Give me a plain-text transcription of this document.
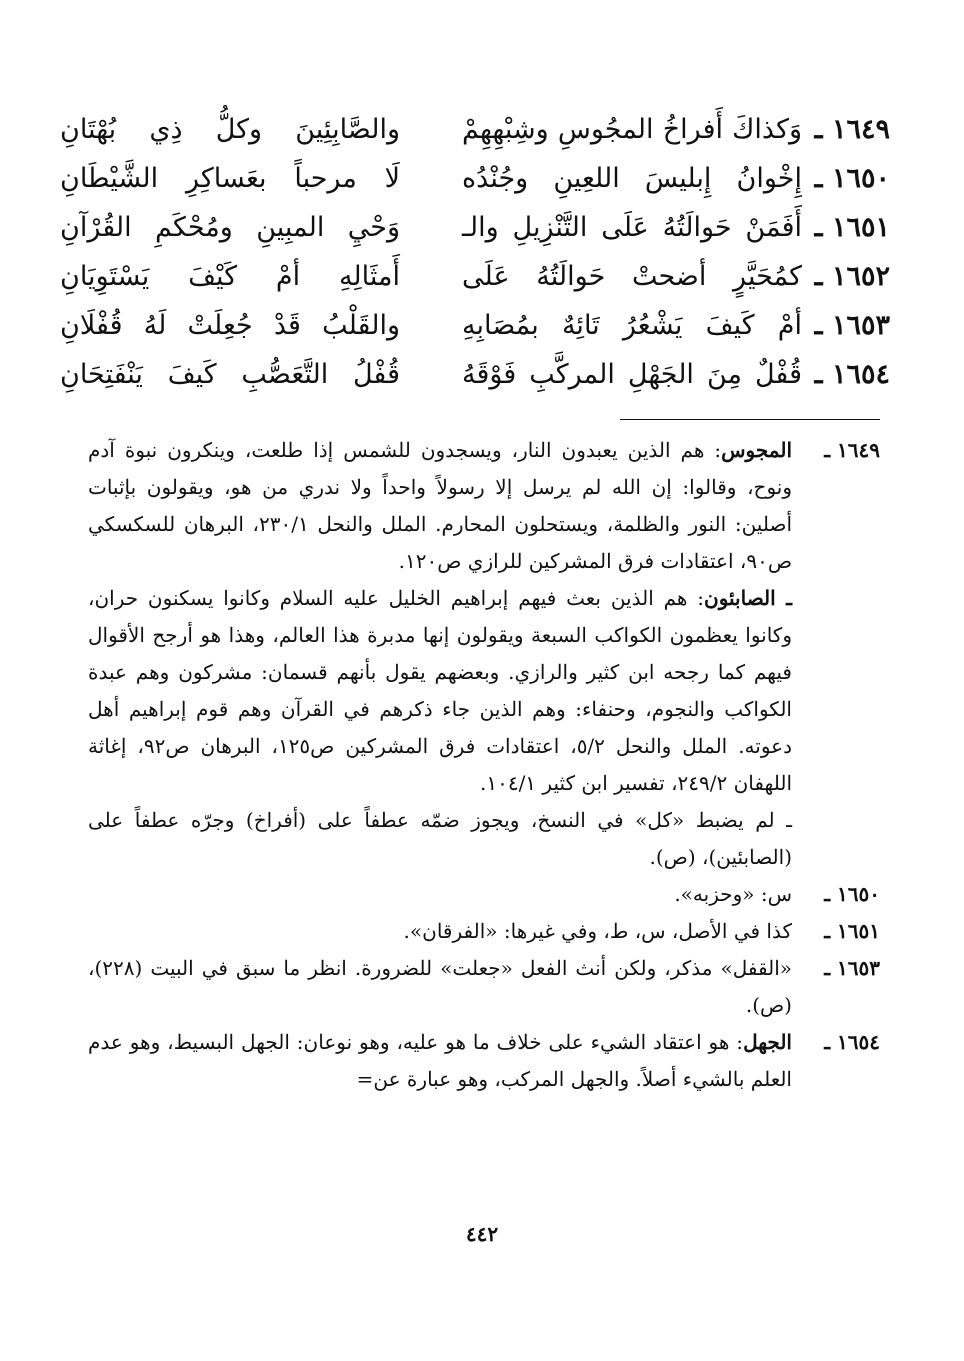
١٦٤٩ ـ
وَكذاكَ أَفراخُ المجُوسِ وشِبْهِهِمْ
والصَّابِئِينَ وكلُّ ذِي بُهْتَانِ
١٦٥٠ ـ
إِخْوانُ إِبليسَ اللعِينِ وجُنْدُه
لَا مرحباً بعَساكِرِ الشَّيْطَانِ
١٦٥١ ـ
أَفَمَنْ حَوالَتُهُ عَلَى التَّنْزِيلِ والـ
وَحْيِ المبِينِ ومُحْكَمِ القُرْآنِ
١٦٥٢ ـ
كمُحَيَّرٍ أضحتْ حَوالَتُهُ عَلَى
أَمثَالِهِ أمْ كَيْفَ يَسْتَوِيَانِ
١٦٥٣ ـ
أمْ كَيفَ يَشْعُرُ تَائِهٌ بمُصَابِهِ
والقَلْبُ قَدْ جُعِلَتْ لَهُ قُفْلَانِ
١٦٥٤ ـ
قُفْلٌ مِنَ الجَهْلِ المركَّبِ فَوْقَهُ
قُفْلُ التَّعَصُّبِ كَيفَ يَنْفَتِحَانِ
١٦٤٩ ـ
المجوس: هم الذين يعبدون النار، ويسجدون للشمس إذا طلعت، وينكرون نبوة آدم ونوح، وقالوا: إن الله لم يرسل إلا رسولاً واحداً ولا ندري من هو، ويقولون بإثبات أصلين: النور والظلمة، ويستحلون المحارم. الملل والنحل ٢٣٠/١، البرهان للسكسكي ص٩٠، اعتقادات فرق المشركين للرازي ص١٢٠.
ـ الصابئون: هم الذين بعث فيهم إبراهيم الخليل عليه السلام وكانوا يسكنون حران، وكانوا يعظمون الكواكب السبعة ويقولون إنها مدبرة هذا العالم، وهذا هو أرجح الأقوال فيهم كما رجحه ابن كثير والرازي. وبعضهم يقول بأنهم قسمان: مشركون وهم عبدة الكواكب والنجوم، وحنفاء: وهم الذين جاء ذكرهم في القرآن وهم قوم إبراهيم أهل دعوته. الملل والنحل ٥/٢، اعتقادات فرق المشركين ص١٢٥، البرهان ص٩٢، إغاثة اللهفان ٢٤٩/٢، تفسير ابن كثير ١٠٤/١.
ـ لم يضبط «كل» في النسخ، ويجوز ضمّه عطفاً على (أفراخ) وجرّه عطفاً على (الصابئين)، (ص).
١٦٥٠ ـ
س: «وحزبه».
١٦٥١ ـ
كذا في الأصل، س، ط، وفي غيرها: «الفرقان».
١٦٥٣ ـ
«القفل» مذكر، ولكن أنث الفعل «جعلت» للضرورة. انظر ما سبق في البيت (٢٢٨)، (ص).
١٦٥٤ ـ
الجهل: هو اعتقاد الشيء على خلاف ما هو عليه، وهو نوعان: الجهل البسيط، وهو عدم العلم بالشيء أصلاً. والجهل المركب، وهو عبارة عن=
٤٤٢
